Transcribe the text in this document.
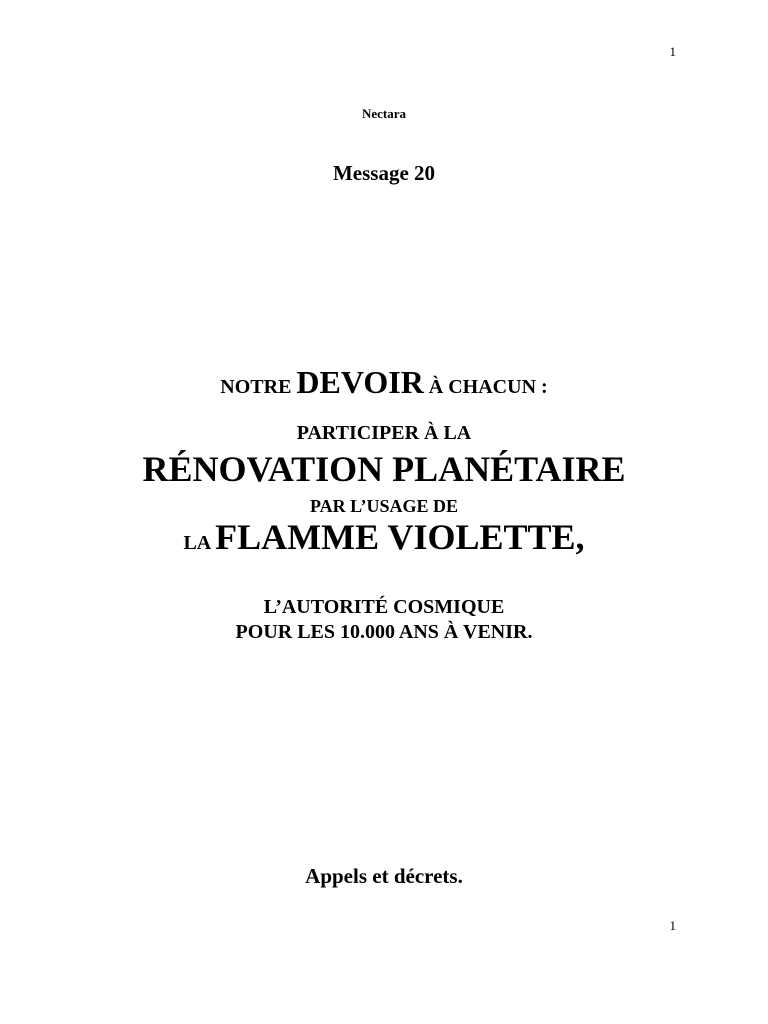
1
Nectara
Message 20
NOTRE DEVOIR À CHACUN :
PARTICIPER À LA
RÉNOVATION PLANÉTAIRE
PAR L’USAGE DE
LA FLAMME VIOLETTE,
L’AUTORITÉ COSMIQUE
POUR LES 10.000 ANS À VENIR.
Appels et décrets.
1
